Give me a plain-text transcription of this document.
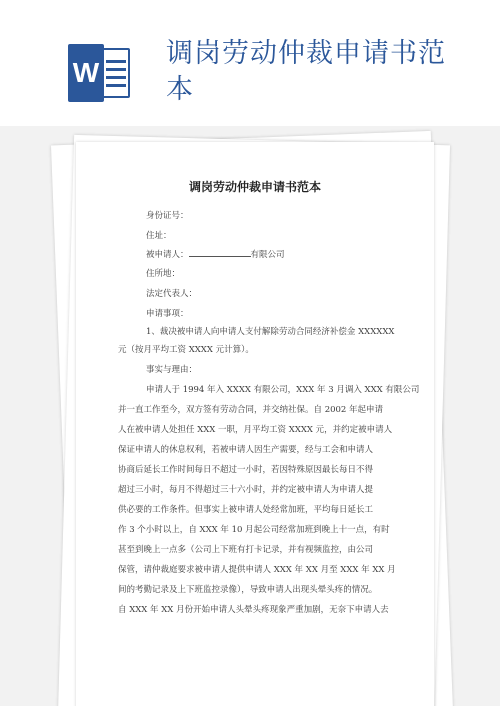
W
调岗劳动仲裁申请书范本
调岗劳动仲裁申请书范本
身份证号：
住址：
被申请人：	有限公司
住所地：
法定代表人：
申请事项：
1、裁决被申请人向申请人支付解除劳动合同经济补偿金 XXXXXX
元（按月平均工资 XXXX 元计算）。
事实与理由：
申请人于 1994 年入 XXXX 有限公司，XXX 年 3 月调入 XXX 有限公司
并一直工作至今，双方签有劳动合同，并交纳社保。自 2002 年起申请
人在被申请人处担任 XXX 一职，月平均工资 XXXX 元，并约定被申请人
保证申请人的休息权利，若被申请人因生产需要，经与工会和申请人
协商后延长工作时间每日不超过一小时，若因特殊原因最长每日不得
超过三小时，每月不得超过三十六小时，并约定被申请人为申请人提
供必要的工作条件。但事实上被申请人处经常加班，平均每日延长工
作 3 个小时以上，自 XXX 年 10 月起公司经常加班到晚上十一点，有时
甚至到晚上一点多（公司上下班有打卡记录，并有视频监控，由公司
保管，请仲裁庭要求被申请人提供申请人 XXX 年 XX 月至 XXX 年 XX 月
间的考勤记录及上下班监控录像），导致申请人出现头晕头疼的情况。
自 XXX 年 XX 月份开始申请人头晕头疼现象严重加剧，无奈下申请人去
